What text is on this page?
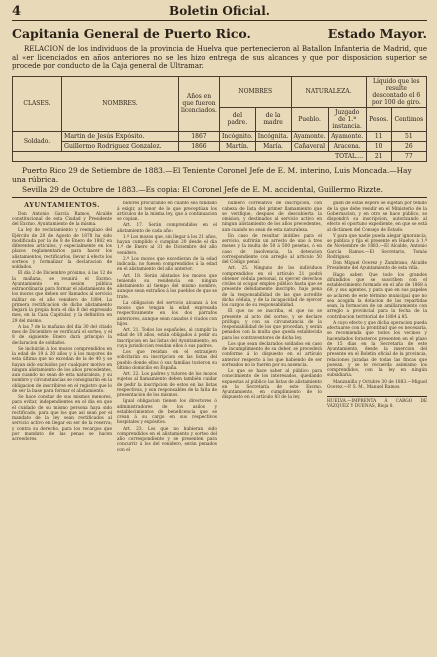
4	Boletin Oficial.
Capitania General de Puerto Rico.	Estado Mayor.
RELACION de los individuos de la provincia de Huelva que pertenecieron al Batallon Infanteria de Madrid, que al «er licenciados en años anteriores no se les hizo entrega de sus alcances y que por disposicion superior se procede por conducto de la Caja general de Ultramar.
CLASES.	NOMBRES.	Años en que fueron licenciados.	NOMBRES		NATURALEZA.		Líquido que les resulte descontado el 6 por 100 de giro.	
			del padre.	de la madre	Pueblo.	Juzgado de 1.ª instancia.	Pesos.	Centimos

Soldado.	Martin de Jesús Expósito.	1867	Incógnito.	Incógnita.	Ayamonte.	Ayamonte.	11	51
	Guillermo Rodriguez Gonzalez.	1866	Martín.	María.	Cañaveral	Aracena.	10	26
TOTAL....							21	77

Puerto Rico 29 de Setiembre de 1883.—El Teniente Coronel Jefe de E. M. interino, Luis Moncada.—Hay una rúbrica.

Sevilla 29 de Octubre de 1883.—Es copia: El Coronel Jefe de E. M. accidental, Guillermo Rizzte.

AYUNTAMIENTOS.

Don Antonio García Ramos, Alcalde constitucional de esta Ciudad y Presidente del Excmo. Ayuntamiento de la misma.

La ley de reclutamiento y reemplazo del Ejército de 28 de Agosto de 1878 ha sido modificada por la de 8 de Enero de 1882 en diferentes artículos, y especialmente en los plazos reglamentarios para hacer los alistamientos, rectificarlos, llevar á efecto los sorteos y formalizar la declaracion de soldados.

El día 2 de Diciembre próximo, á las 12 de la mañana, se reunirá el Excmo. Ayuntamiento en sesion pública extraordinaria para formar el alistamiento de los mozos que deben ser llamados al servicio militar en el año venidero de 1884. La primera rectificacion de dicho alistamiento llegará la propia hora el dia 8 del expresado mes, en la Casa Capitular, y la definitiva en 29 del mismo.

A las 7 de la mañana del dia 30 del citado mes de Diciembre se verificará el sorteo, y el 8 de siguiente Enero dará principio la declaracion de soldados.

Se incluirán á los mozos comprendidos en la edad de 19 á 20 años y á los mayores de esta última que no excedan de la de 40 y se hayan sido excluidos por cualquier motivo en ningun alistamiento de los años precedentes, aun cuando no sean de esta naturaleza, y su nombre y circunstancias se consignarán en la obligacion de inscribirse en el registro que lo de ser la base para formar el alistamiento.

Se hace constar de sus mismos menores, para evitar, independientes en el dia en que el cuidado de su mismo persona haya sido rectificado, para que los que así sean por el mandato de la ley sean rectificados al servicio activo en llegar en ser de la reserva; y contra su derecho, para los recargos que por mandato de las penas se hacen acreedores.

bidores procurando en cuanto sea fundado á exigir, al tenor de lo que preceptúan los artículos de la misma ley, que á continuacion se copian.

Art. 17. Serán comprendidos en el alistamiento de cada año:

1.º Los mozos que, sin llegar á los 21 años, hayan cumplido ó cumplan 20 desde el dia 1.º de Enero al 31 de Diciembre del año venidero.

2.º Los mozos que excedieran de la edad indicada, no fuesen comprendidos á la edad en el alistamiento del año anterior.

Art. 18. Serán alistados los mozos que teniendo su residencia en ningun alistamiento al tiempo del mismo nombre, aunque sean extraños á los pueblos de que se trate.

La obligacion del servicio alcanza á los mozos que tengan la edad expresada respectivamente en los dos párrafos anteriores, aunque sean casados ó viudos con hijos.

Art. 21. Todos los españoles, al cumplir la edad de 18 años, están obligados á pedir su inscripcion en las listas del Ayuntamiento, en cuya jurisdiccion residan ellos ó sus padres.

Los que residan en el extranjero solicitarán su inscripcion en las listas del pueblo donde ellos ó sus familias tuvieron su último domicilio en España.

Art. 22. Los padres y tutores de los mozos sujetos al llamamiento deben también cuidar de pedir la inscripcion de estos en las listas respectivas, y son responsables de la falta de presentacion de los mismos.

Igual obligacion tienen los directores ó administradores de los asilos y establecimientos de beneficencia que se crean á su cargo en sus respectivos hospitales y expósitos.

Art. 23. Los que no hubieran sido comprendidos en el alistamiento y sorteo del año correspondiente y se presenten para concurrir á los del venidero, serán penados con el

número correlativo de inscripcion, con cabeza de lista del primer llamamiento que se verifique, despues de descubierta la omision, y destinados al servicio activo en ningun alistamiento de los años precedentes, aun cuando no sean de esta naturaleza.

En caso de resultar inútiles para el servicio, sufrirán un arresto de uno á tres meses y la multa de 50 á 500 pesetas, ó en caso de insolvencia, la detencion correspondiente con arreglo al artículo 50 del Código penal.

Art. 25. Ninguno de los individuos comprendidos en el artículo 21 podrá obtener cédula personal, ni ejercer derechos civiles ni ocupar empleo público hasta que se presente debidamente inscripto, bajo pena de la responsabilidad de las que acredite dicha cédula, y de la incapacidad de ejercer los cargos de su responsabilidad.

El que no se inscriba, el que no se presente al acto del sorteo, y se declare prófugo, y con su circunstancia de la responsabilidad de los que procedan, y serán penados con la multa que queda establecida para los contraventores de dicha ley.

Los que sean declarados soldados en caso de incumplimiento de su deber, se procederá conforme á lo dispuesto en el artículo anterior respecto á los que habiendo de ser sorteados no lo fueren por su ausencia.

Lo que se hace saber al público para conocimiento de los interesados, quedando expuestas al público las listas de alistamiento en la Secretaría de este Excmo. Ayuntamiento, en cumplimiento de lo dispuesto en el artículo 83 de la ley.

guen de estas espero se sujetan por tenido de la que debe residir en el Ministerio de la Gobernacion, y en otro se hace público, se dispondrá su inscripcion, autorizando al efecto el oportuno expediente, en que se está al dictámen del Consejo de Estado.

Y para que nadie pueda alegar ignorancia, se publica y fija el presente en Huelva á 1.º de Noviembre de 1883.—El Alcalde, Antonio García Ramos.—El Secretario, Tomás Rodriguez.

Don Miguel Ocerez y Zambrano, Alcalde Presidente del Ayuntamiento de esta villa.

Hago saber: Que todo los grandes difundidos que se suscriben con el establecimiento formado en el año de 1868 á 69, y sus agentes, y para que en sus papeles se aclaren de este término municipal que no sea acogida la dotacion de las repartidas sean, la formacion de un amillaramiento con arreglo a provincial para la fecha de la contribucion territorial de 1884 á 85.

A cuyo efecto y que dicha operacion pueda efectuarse con la prontitud que es necesaria, se recomienda que todos los vecinos y hacendados forasteros presenten en el plazo de 15 dias en la Secretaría de este Ayuntamiento, desde la insercion del presente en el Boletin oficial de la provincia, relaciones juradas de todas las fincas que posean, y se le recuerda asimismo los comprendidos, con la ley en ningún subsidiaria.

Manzanilla y Octubre 30 de 1883.—Miguel Ocerez.—P. S. M., Manuel Ramos.

HUELVA.—IMPRENTA Á CARGO DE VÁZQUEZ Y DUENAS, Rioja 8.
